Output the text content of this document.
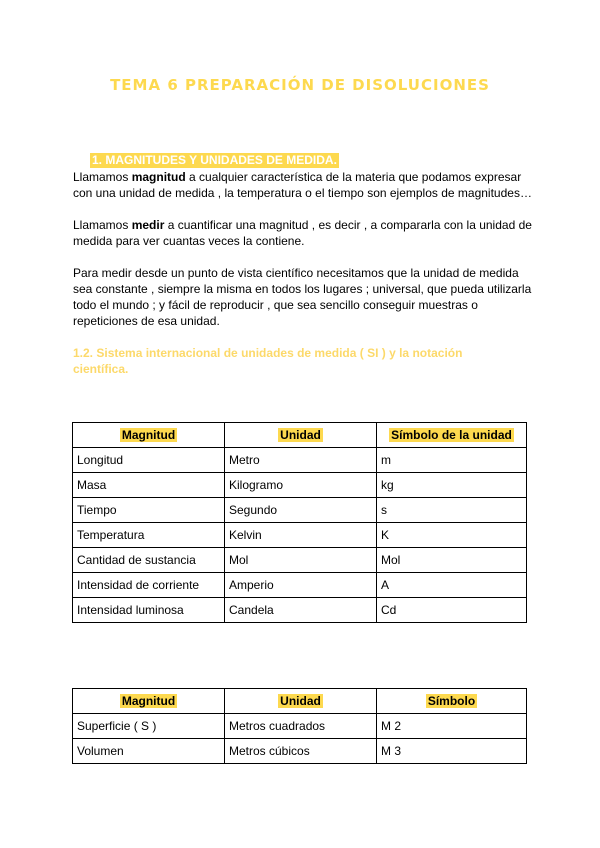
TEMA 6 PREPARACIÓN DE DISOLUCIONES
1. MAGNITUDES Y UNIDADES DE MEDIDA.

Llamamos magnitud a cualquier característica de la materia que podamos expresar con una unidad de medida , la temperatura o el tiempo son ejemplos de magnitudes…

Llamamos medir a cuantificar una magnitud , es decir , a compararla con la unidad de medida para ver cuantas veces la contiene.

Para medir desde un punto de vista científico necesitamos que la unidad de medida sea constante , siempre la misma en todos los lugares ; universal, que pueda utilizarla todo el mundo ; y fácil de reproducir , que sea sencillo conseguir muestras o repeticiones de esa unidad.

1.2. Sistema internacional de unidades de medida ( SI ) y la notación científica.
Magnitud	Unidad	Símbolo de la unidad
Longitud	Metro	m
Masa	Kilogramo	kg
Tiempo	Segundo	s
Temperatura	Kelvin	K
Cantidad de sustancia	Mol	Mol
Intensidad de corriente	Amperio	A
Intensidad luminosa	Candela	Cd
Magnitud	Unidad	Símbolo
Superficie ( S )	Metros cuadrados	M 2
Volumen	Metros cúbicos	M 3
